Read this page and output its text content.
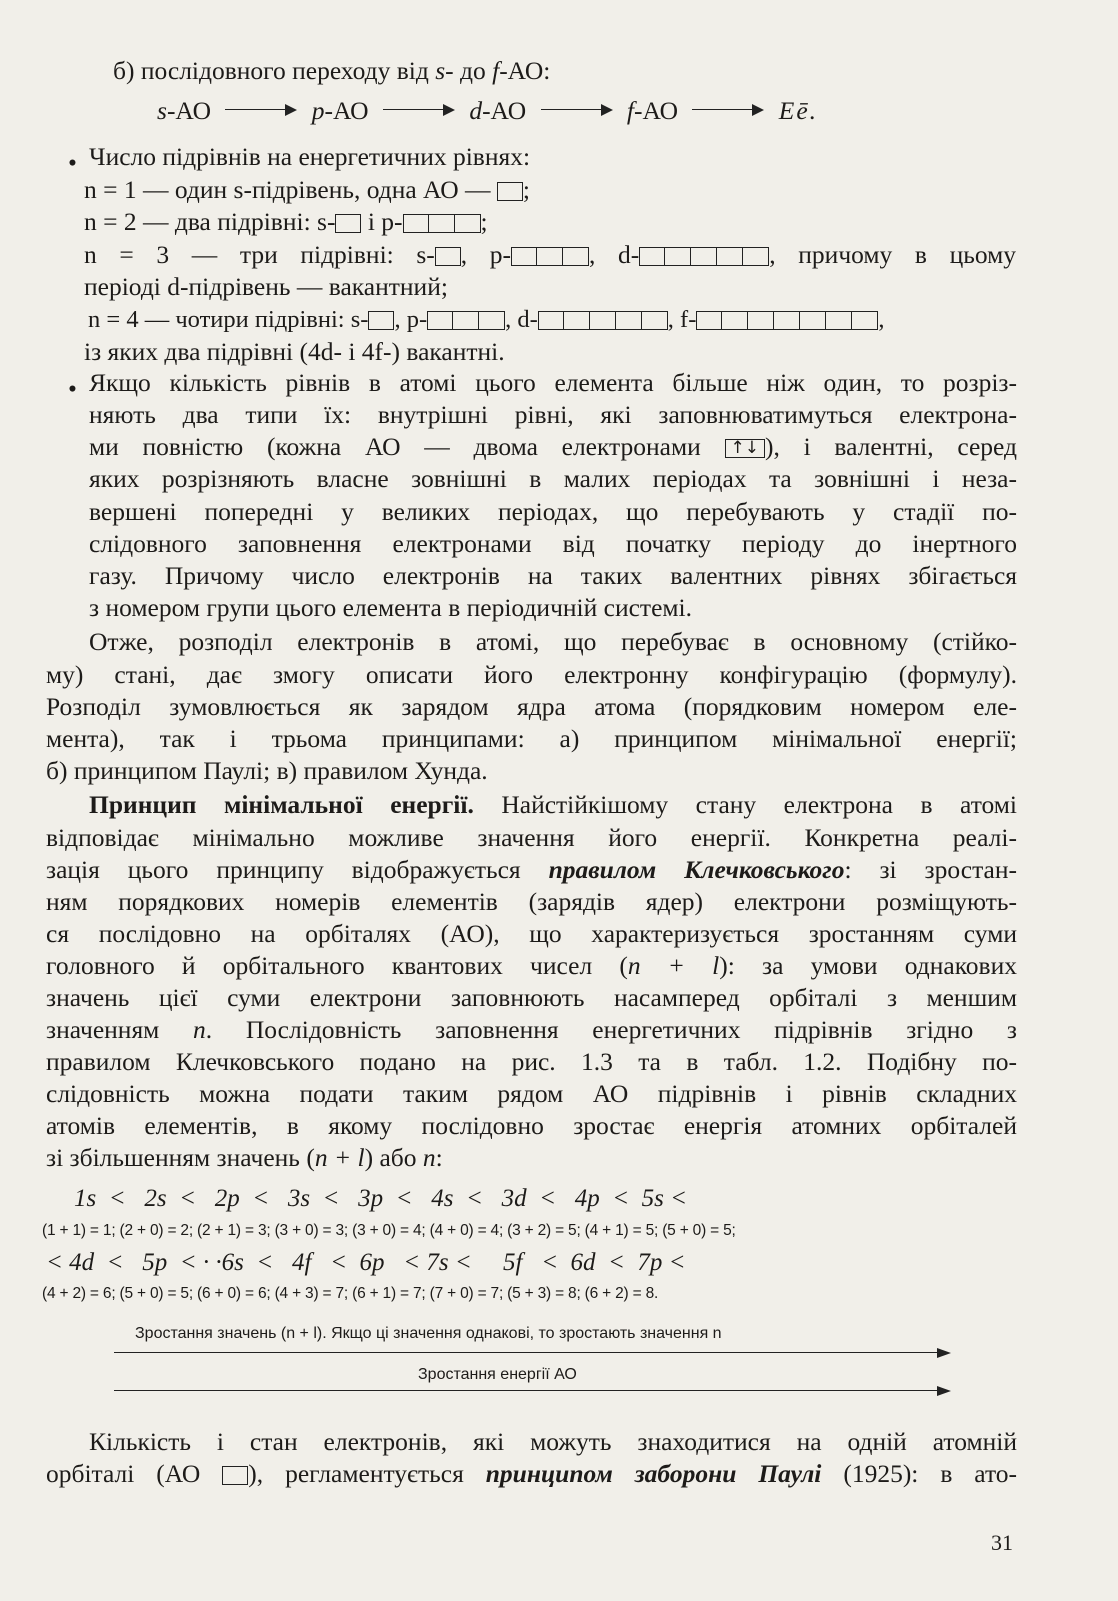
б) послідовного переходу від s- до f-АО:
s-АО	p-АО	d-АО	f-АО	Eē.
• Число підрівнів на енергетичних рівнях:
n = 1 — один s-підрівень, одна АО — ;
n = 2 — два підрівні: s- і p-	;
n = 3 — три підрівні: s- , p-	, d-	, причому в цьому
періоді d-підрівень — вакантний;
n = 4 — чотири підрівні: s- , p-	, d-	, f-	,
із яких два підрівні (4d- і 4f-) вакантні.
• Якщо кількість рівнів в атомі цього елемента більше ніж один, то розріз-
няють два типи їх: внутрішні рівні, які заповнюватимуться електрона-
ми повністю (кожна АО — двома електронами ↑↓ ), і валентні, серед
яких розрізняють власне зовнішні в малих періодах та зовнішні і неза-
вершені попередні у великих періодах, що перебувають у стадії по-
слідовного заповнення електронами від початку періоду до інертного
газу. Причому число електронів на таких валентних рівнях збігається
з номером групи цього елемента в періодичній системі.
Отже, розподіл електронів в атомі, що перебуває в основному (стійко-
му) стані, дає змогу описати його електронну конфігурацію (формулу).
Розподіл зумовлюється як зарядом ядра атома (порядковим номером еле-
мента), так і трьома принципами: а) принципом мінімальної енергії;
б) принципом Паулі; в) правилом Хунда.
Принцип мінімальної енергії. Найстійкішому стану електрона в атомі
відповідає мінімально можливе значення його енергії. Конкретна реалі-
зація цього принципу відображується правилом Клечковського: зі зростан-
ням порядкових номерів елементів (зарядів ядер) електрони розміщують-
ся послідовно на орбіталях (АО), що характеризується зростанням суми
головного й орбітального квантових чисел (n + l): за умови однакових
значень цієї суми електрони заповнюють насамперед орбіталі з меншим
значенням n. Послідовність заповнення енергетичних підрівнів згідно з
правилом Клечковського подано на рис. 1.3 та в табл. 1.2. Подібну по-
слідовність можна подати таким рядом АО підрівнів і рівнів складних
атомів елементів, в якому послідовно зростає енергія атомних орбіталей
зі збільшенням значень (n + l) або n:
1s  <   2s  <   2p  <   3s  <   3p  <   4s  <   3d  <   4p  <  5s <
(1 + 1) = 1; (2 + 0) = 2; (2 + 1) = 3; (3 + 0) = 3; (3 + 0) = 4; (4 + 0) = 4; (3 + 2) = 5; (4 + 1) = 5; (5 + 0) = 5;
< 4d  <   5p  < · ·6s  <   4f   <  6p   < 7s <     5f   <  6d  <  7p <
(4 + 2) = 6; (5 + 0) = 5; (6 + 0) = 6; (4 + 3) = 7; (6 + 1) = 7; (7 + 0) = 7; (5 + 3) = 8; (6 + 2) = 8.
Зростання значень (n + l). Якщо ці значення однакові, то зростають значення n
Зростання енергії АО
Кількість і стан електронів, які можуть знаходитися на одній атомній
орбіталі (АО ), регламентується принципом заборони Паулі (1925): в ато-
31
